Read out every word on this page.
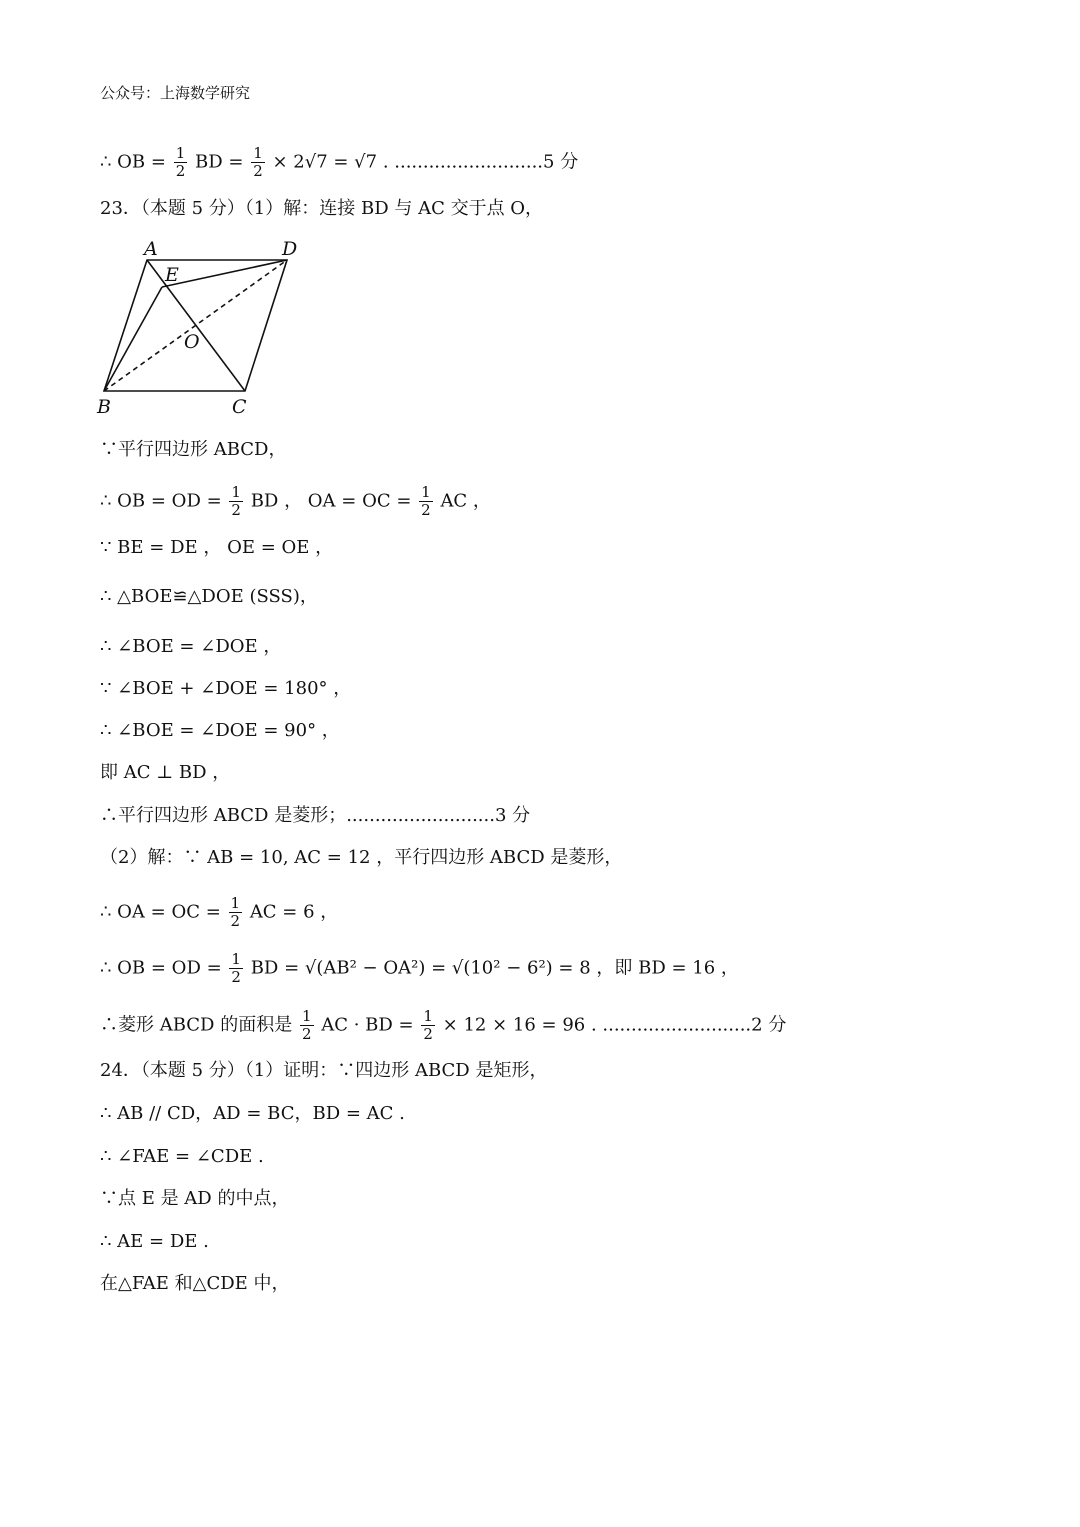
公众号：上海数学研究
∴ OB = $\frac{1}{2}$ BD = $\frac{1}{2} \times 2√7 = √7$ . ..........................5 分
23．（本题 5 分）（1）解：连接 BD 与 AC 交于点 O，
A	D
E
O
B	C
∵平行四边形 ABCD，
∴ OB = OD = $\frac{1}{2}$ BD ， OA = OC = $\frac{1}{2}$ AC ，
∵ BE = DE ， OE = OE ，
∴ △BOE≌△DOE (SSS)，
∴ ∠BOE = ∠DOE ，
∵ ∠BOE + ∠DOE = 180° ，
∴ ∠BOE = ∠DOE = 90° ，
即 AC ⊥ BD ，
∴平行四边形 ABCD 是菱形；..........................3 分
（2）解：∵ AB = 10, AC = 12 ，平行四边形 ABCD 是菱形，
∴ OA = OC = $\frac{1}{2}$ AC = 6 ，
∴ OB = OD = $\frac{1}{2}$ BD = √(AB² − OA²) = √(10² − 6²) = 8 ，即 BD = 16 ，
∴菱形 ABCD 的面积是 $\frac{1}{2}$ AC · BD = $\frac{1}{2} \times 12 \times 16 = 96$ . ..........................2 分
24．（本题 5 分）（1）证明：∵四边形 ABCD 是矩形，
∴ AB // CD，AD = BC，BD = AC .
∴ ∠FAE = ∠CDE .
∵点 E 是 AD 的中点，
∴ AE = DE .
在△FAE 和△CDE 中，
